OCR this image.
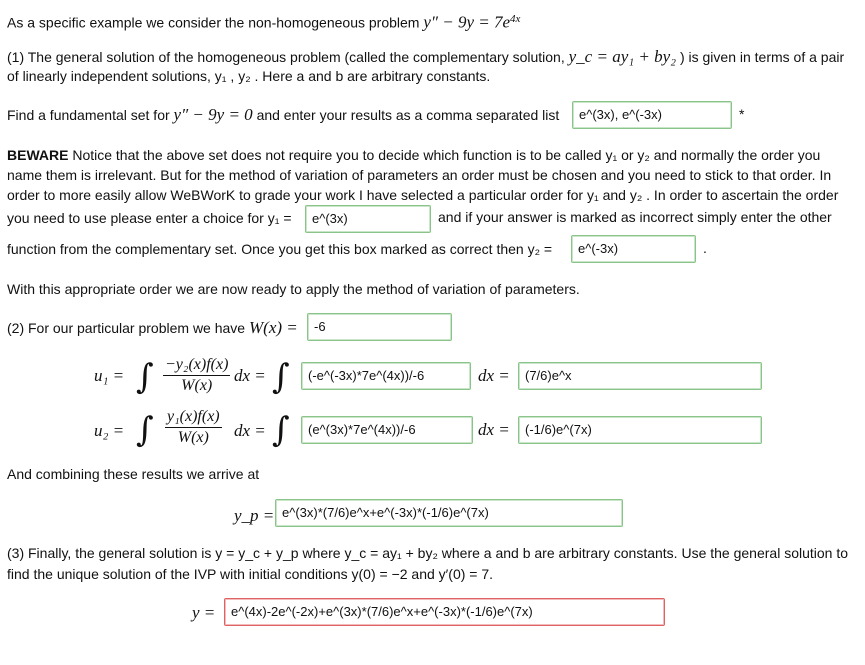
As a specific example we consider the non-homogeneous problem $y'' - 9y = 7e^{4x}$
(1) The general solution of the homogeneous problem (called the complementary solution, y_c = ay₁ + by₂ ) is given in terms of a pair
of linearly independent solutions, y₁ , y₂ . Here a and b are arbitrary constants.
Find a fundamental set for y″ − 9y = 0 and enter your results as a comma separated list	e^(3x), e^(-3x)	*
BEWARE Notice that the above set does not require you to decide which function is to be called y₁ or y₂ and normally the order you
name them is irrelevant. But for the method of variation of parameters an order must be chosen and you need to stick to that order. In
order to more easily allow WeBWorK to grade your work I have selected a particular order for y₁ and y₂ . In order to ascertain the order
you need to use please enter a choice for y₁ =	e^(3x)	and if your answer is marked as incorrect simply enter the other
function from the complementary set. Once you get this box marked as correct then y₂ =	e^(-3x)	.
With this appropriate order we are now ready to apply the method of variation of parameters.
(2) For our particular problem we have W(x) =	-6
u₁ = ∫ $\frac{\text{−y₂(x)f(x)}}{W(x)}$ dx = ∫	(-e^(-3x)*7e^(4x))/-6	dx =	(7/6)e^x
u₂ = ∫ $\frac{\text{y₁(x)f(x)}}{W(x)}$ dx = ∫	(e^(3x)*7e^(4x))/-6	dx =	(-1/6)e^(7x)
And combining these results we arrive at
y_p = e^(3x)*(7/6)e^x+e^(-3x)*(-1/6)e^(7x)
(3) Finally, the general solution is y = y_c + y_p where y_c = ay₁ + by₂ where a and b are arbitrary constants. Use the general solution to
find the unique solution of the IVP with initial conditions y(0) = −2 and y′(0) = 7.
y =	e^(4x)-2e^(-2x)+e^(3x)*(7/6)e^x+e^(-3x)*(-1/6)e^(7x)
